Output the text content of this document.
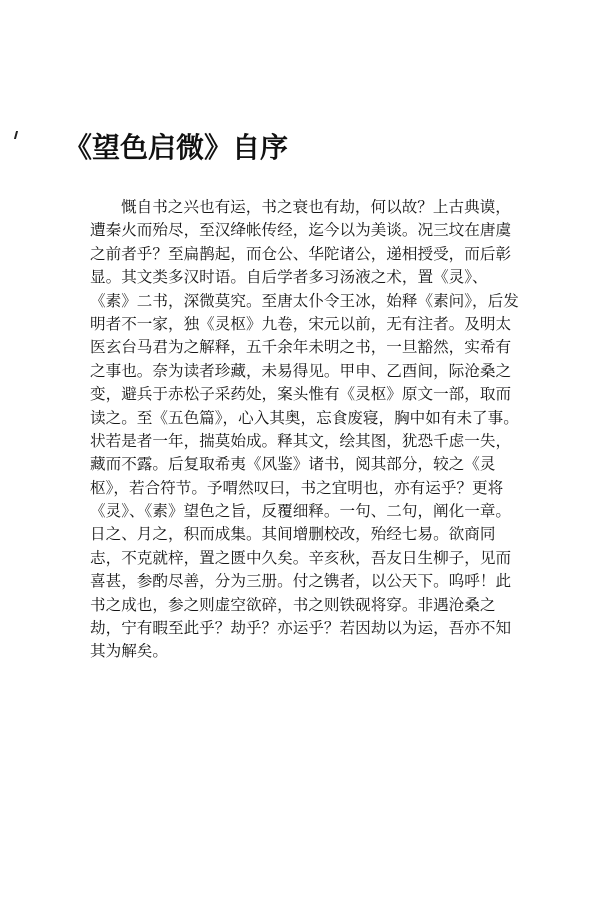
《望色启微》自序
慨自书之兴也有运，书之衰也有劫，何以故？上古典谟，
遭秦火而殆尽，至汉绛帐传经，迄今以为美谈。况三坟在唐虞
之前者乎？至扁鹊起，而仓公、华陀诸公，递相授受，而后彰
显。其文类多汉时语。自后学者多习汤液之术，置《灵》、
《素》二书，深微莫究。至唐太仆令王冰，始释《素问》，后发
明者不一家，独《灵枢》九卷，宋元以前，无有注者。及明太
医玄台马君为之解释，五千余年未明之书，一旦豁然，实希有
之事也。奈为读者珍藏，未易得见。甲申、乙酉间，际沧桑之
变，避兵于赤松子采药处，案头惟有《灵枢》原文一部，取而
读之。至《五色篇》，心入其奥，忘食废寝，胸中如有未了事。
状若是者一年，揣莫始成。释其文，绘其图，犹恐千虑一失，
藏而不露。后复取希夷《风鉴》诸书，阅其部分，较之《灵
枢》，若合符节。予喟然叹曰，书之宜明也，亦有运乎？更将
《灵》、《素》望色之旨，反覆细释。一句、二句，阐化一章。
日之、月之，积而成集。其间增删校改，殆经七易。欲商同
志，不克就梓，置之匮中久矣。辛亥秋，吾友日生柳子，见而
喜甚，参酌尽善，分为三册。付之镌者，以公天下。呜呼！此
书之成也，参之则虚空欲碎，书之则铁砚将穿。非遇沧桑之
劫，宁有暇至此乎？劫乎？亦运乎？若因劫以为运，吾亦不知
其为解矣。
